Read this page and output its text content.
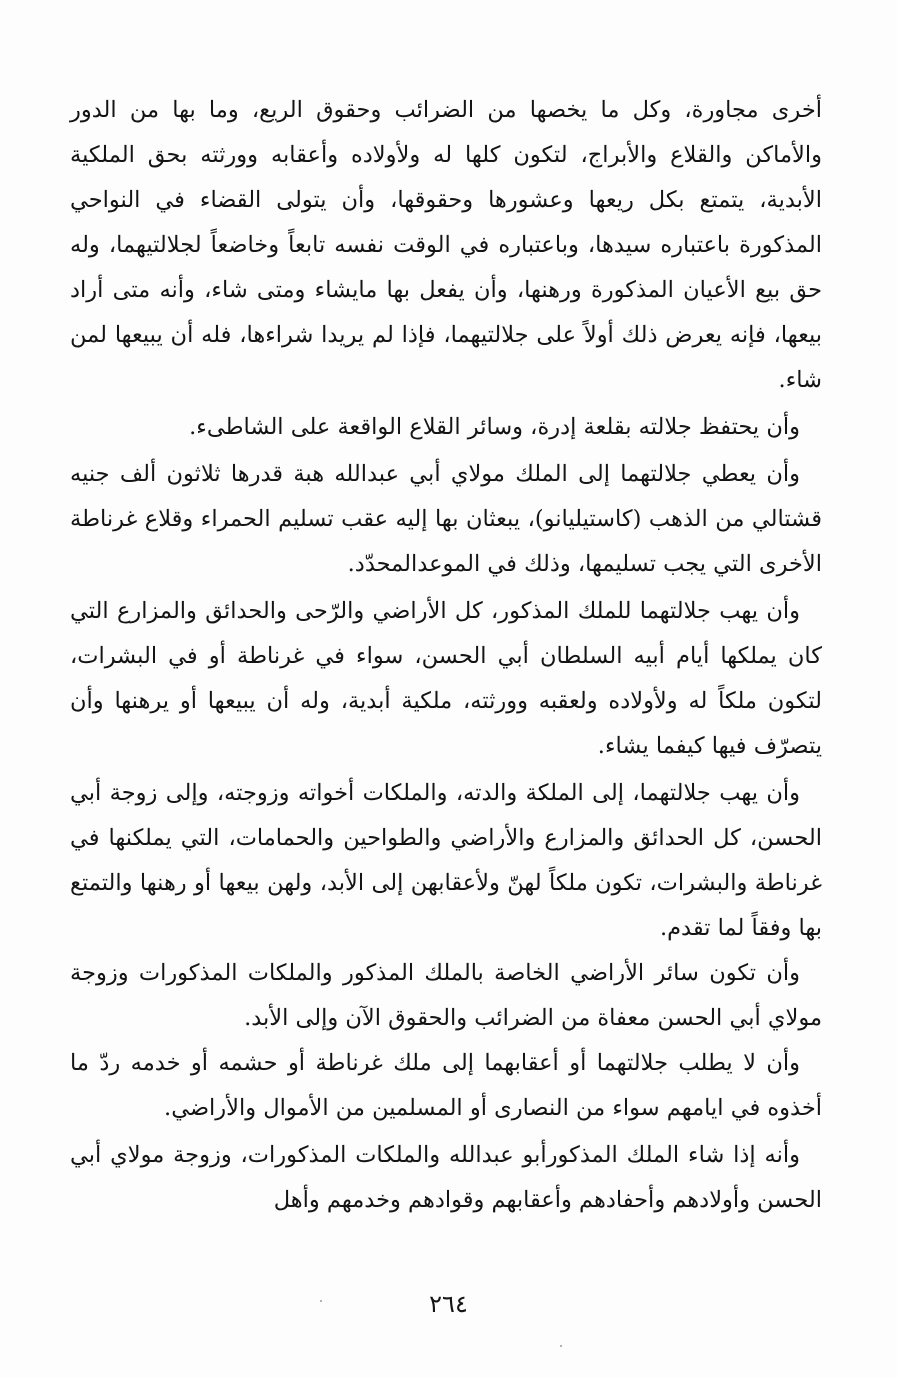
أخرى مجاورة، وكل ما يخصها من الضرائب وحقوق الريع، وما بها من الدور والأماكن والقلاع والأبراج، لتكون كلها له ولأولاده وأعقابه وورثته بحق الملكية الأبدية، يتمتع بكل ريعها وعشورها وحقوقها، وأن يتولى القضاء في النواحي المذكورة باعتباره سيدها، وباعتباره في الوقت نفسه تابعاً وخاضعاً لجلالتيهما، وله حق بيع الأعيان المذكورة ورهنها، وأن يفعل بها مايشاء ومتى شاء، وأنه متى أراد بيعها، فإنه يعرض ذلك أولاً على جلالتيهما، فإذا لم يريدا شراءها، فله أن يبيعها لمن شاء.

وأن يحتفظ جلالته بقلعة إدرة، وسائر القلاع الواقعة على الشاطىء.

وأن يعطي جلالتهما إلى الملك مولاي أبي عبدالله هبة قدرها ثلاثون ألف جنيه قشتالي من الذهب (كاستيليانو)، يبعثان بها إليه عقب تسليم الحمراء وقلاع غرناطة الأخرى التي يجب تسليمها، وذلك في الموعدالمحدّد.

وأن يهب جلالتهما للملك المذكور، كل الأراضي والرّحى والحدائق والمزارع التي كان يملكها أيام أبيه السلطان أبي الحسن، سواء في غرناطة أو في البشرات، لتكون ملكاً له ولأولاده ولعقبه وورثته، ملكية أبدية، وله أن يبيعها أو يرهنها وأن يتصرّف فيها كيفما يشاء.

وأن يهب جلالتهما، إلى الملكة والدته، والملكات أخواته وزوجته، وإلى زوجة أبي الحسن، كل الحدائق والمزارع والأراضي والطواحين والحمامات، التي يملكنها في غرناطة والبشرات، تكون ملكاً لهنّ ولأعقابهن إلى الأبد، ولهن بيعها أو رهنها والتمتع بها وفقاً لما تقدم.

وأن تكون سائر الأراضي الخاصة بالملك المذكور والملكات المذكورات وزوجة مولاي أبي الحسن معفاة من الضرائب والحقوق الآن وإلى الأبد.

وأن لا يطلب جلالتهما أو أعقابهما إلى ملك غرناطة أو حشمه أو خدمه ردّ ما أخذوه في ايامهم سواء من النصارى أو المسلمين من الأموال والأراضي.

وأنه إذا شاء الملك المذكورأبو عبدالله والملكات المذكورات، وزوجة مولاي أبي الحسن وأولادهم وأحفادهم وأعقابهم وقوادهم وخدمهم وأهل

٢٦٤
